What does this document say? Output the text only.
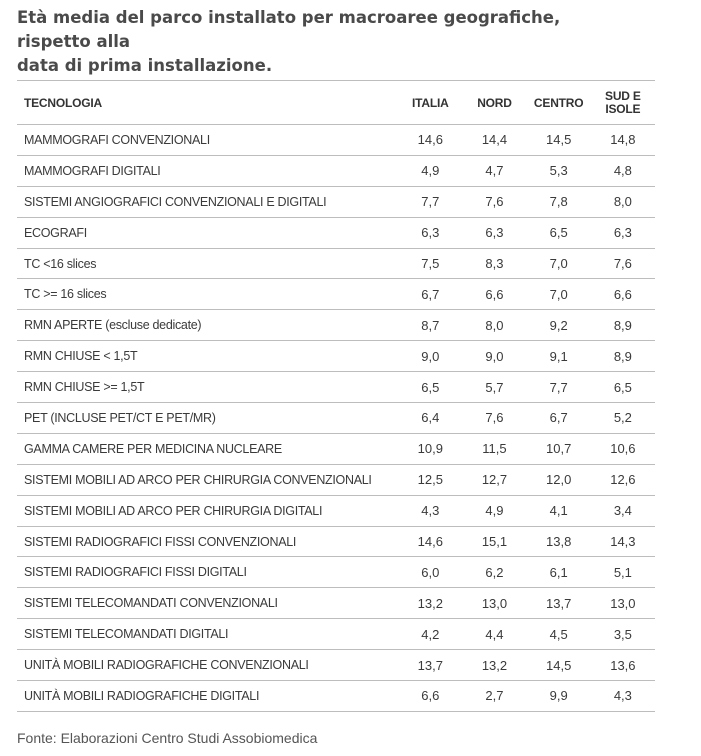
Età media del parco installato per macroaree geografiche, rispetto alla
data di prima installazione.
TECNOLOGIA	ITALIA	NORD	CENTRO	SUD E
ISOLE
MAMMOGRAFI CONVENZIONALI	14,6	14,4	14,5	14,8
MAMMOGRAFI DIGITALI	4,9	4,7	5,3	4,8
SISTEMI ANGIOGRAFICI CONVENZIONALI E DIGITALI	7,7	7,6	7,8	8,0
ECOGRAFI	6,3	6,3	6,5	6,3
TC <16 slices	7,5	8,3	7,0	7,6
TC >= 16 slices	6,7	6,6	7,0	6,6
RMN APERTE (escluse dedicate)	8,7	8,0	9,2	8,9
RMN CHIUSE < 1,5T	9,0	9,0	9,1	8,9
RMN CHIUSE >= 1,5T	6,5	5,7	7,7	6,5
PET (INCLUSE PET/CT E PET/MR)	6,4	7,6	6,7	5,2
GAMMA CAMERE PER MEDICINA NUCLEARE	10,9	11,5	10,7	10,6
SISTEMI MOBILI AD ARCO PER CHIRURGIA CONVENZIONALI	12,5	12,7	12,0	12,6
SISTEMI MOBILI AD ARCO PER CHIRURGIA DIGITALI	4,3	4,9	4,1	3,4
SISTEMI RADIOGRAFICI FISSI CONVENZIONALI	14,6	15,1	13,8	14,3
SISTEMI RADIOGRAFICI FISSI DIGITALI	6,0	6,2	6,1	5,1
SISTEMI TELECOMANDATI CONVENZIONALI	13,2	13,0	13,7	13,0
SISTEMI TELECOMANDATI DIGITALI	4,2	4,4	4,5	3,5
UNITÀ MOBILI RADIOGRAFICHE CONVENZIONALI	13,7	13,2	14,5	13,6
UNITÀ MOBILI RADIOGRAFICHE DIGITALI	6,6	2,7	9,9	4,3
Fonte: Elaborazioni Centro Studi Assobiomedica
